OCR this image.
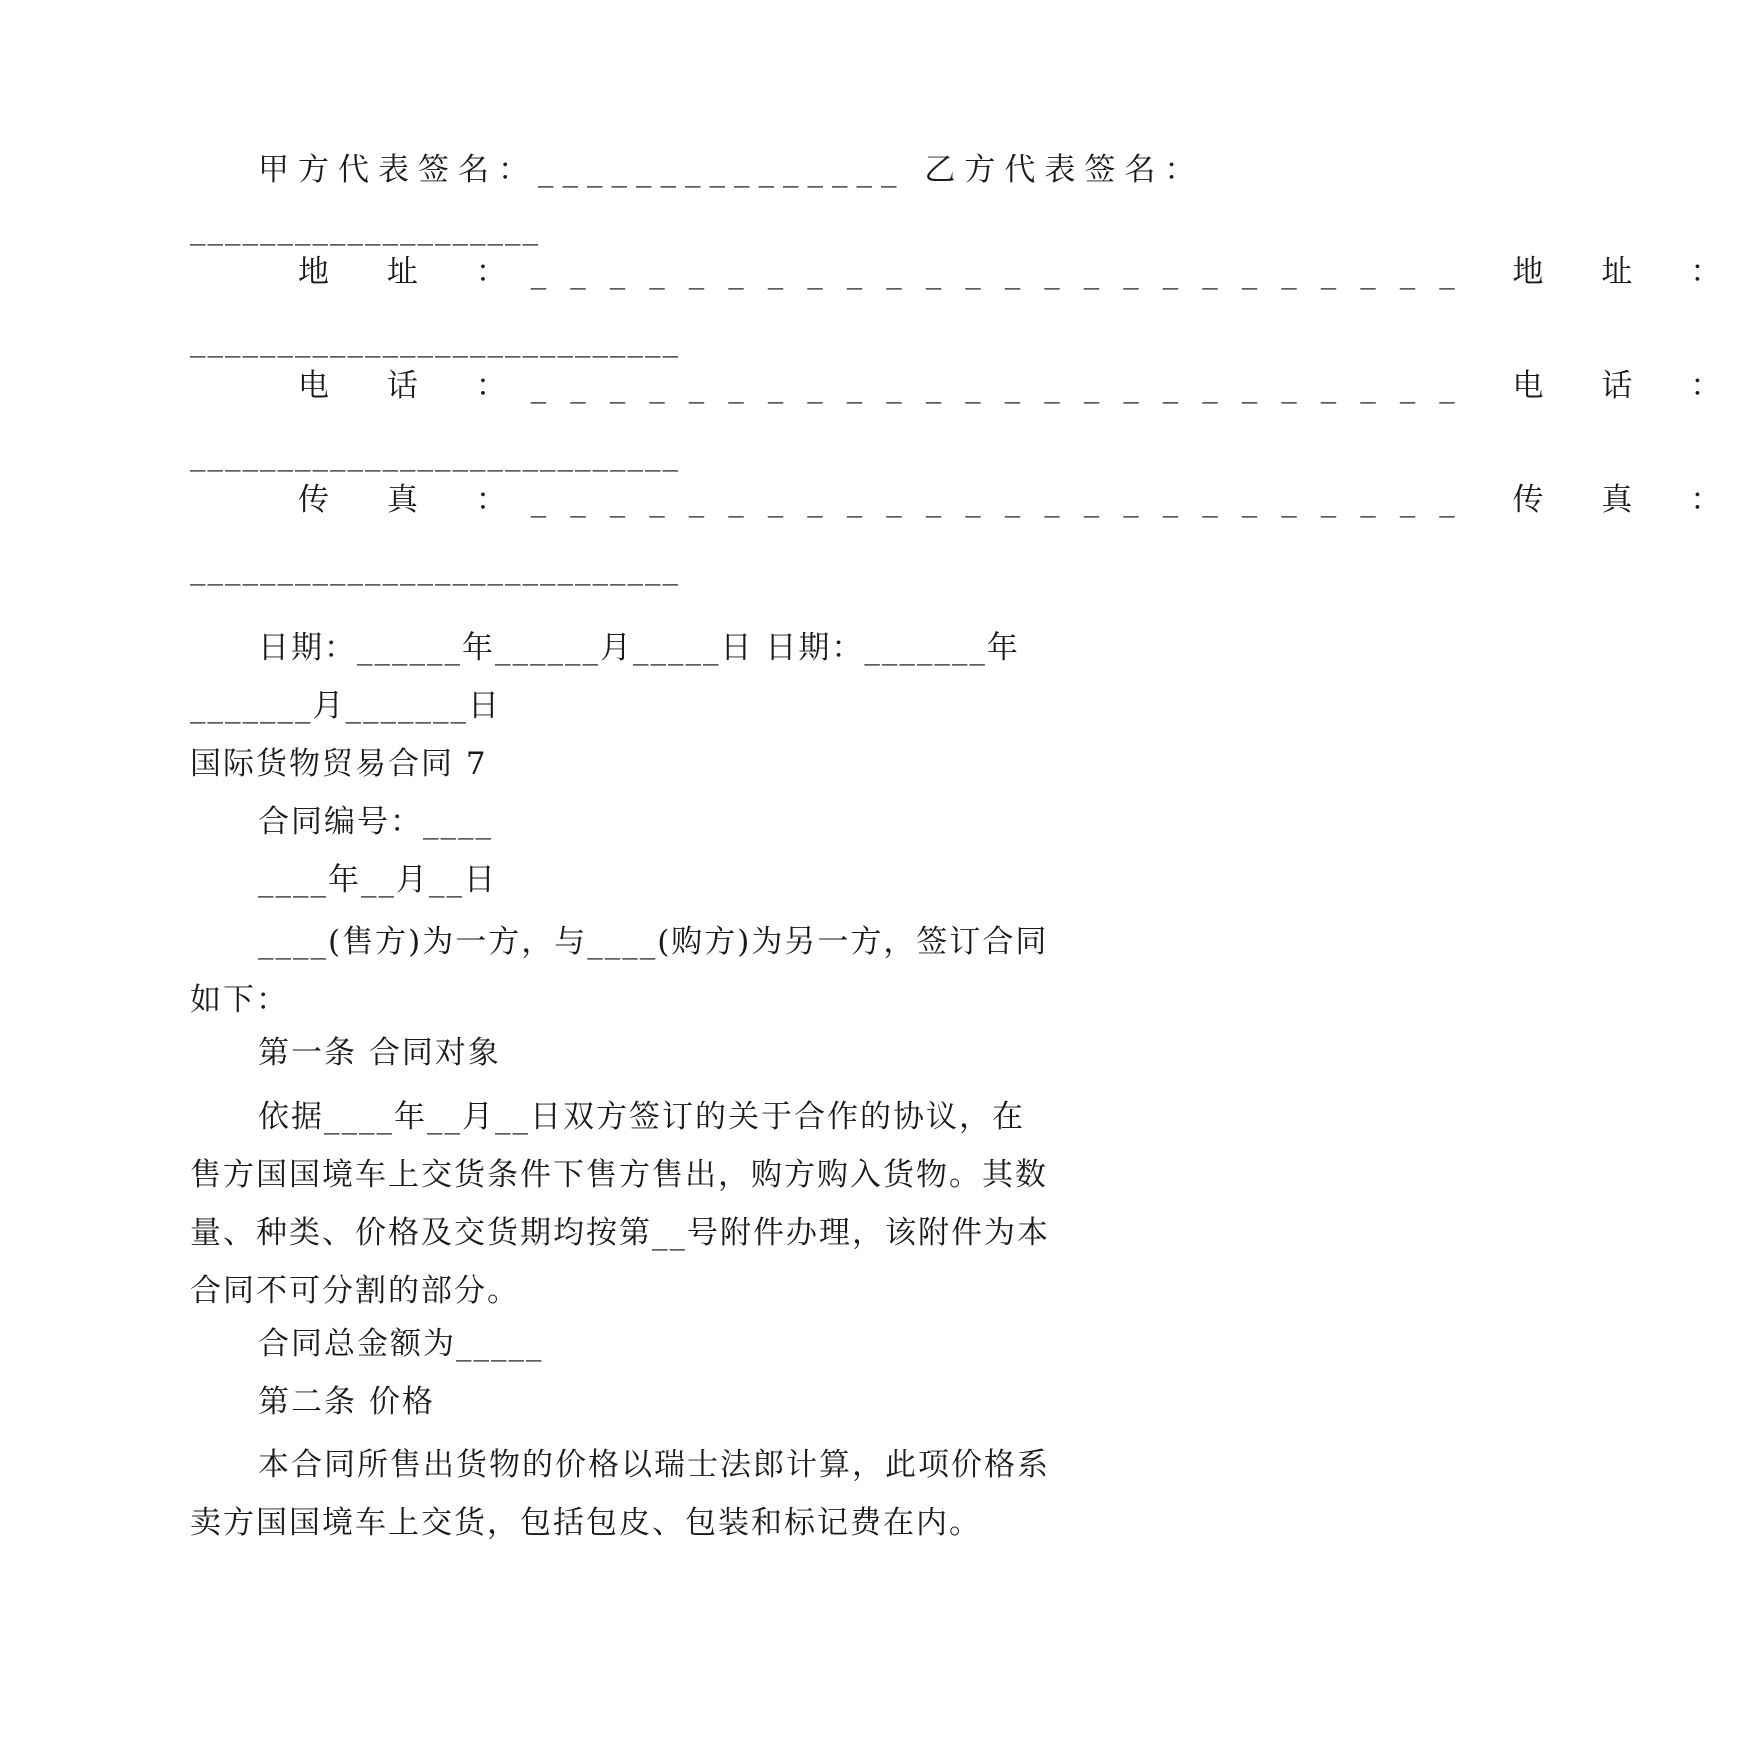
甲方代表签名：_______________ 乙方代表签名：
____________________
地 址 ：________________________ 地 址 ：
____________________________
电 话 ：________________________ 电 话 ：
____________________________
传 真 ：________________________ 传 真 ：
____________________________
日期：______年______月_____日 日期：_______年
_______月_______日
国际货物贸易合同 7
合同编号：____
____年__月__日
____(售方)为一方，与____(购方)为另一方，签订合同如下：
第一条 合同对象
依据____年__月__日双方签订的关于合作的协议，在售方国国境车上交货条件下售方售出，购方购入货物。其数量、种类、价格及交货期均按第__号附件办理，该附件为本合同不可分割的部分。
合同总金额为_____
第二条 价格
本合同所售出货物的价格以瑞士法郎计算，此项价格系卖方国国境车上交货，包括包皮、包装和标记费在内。
